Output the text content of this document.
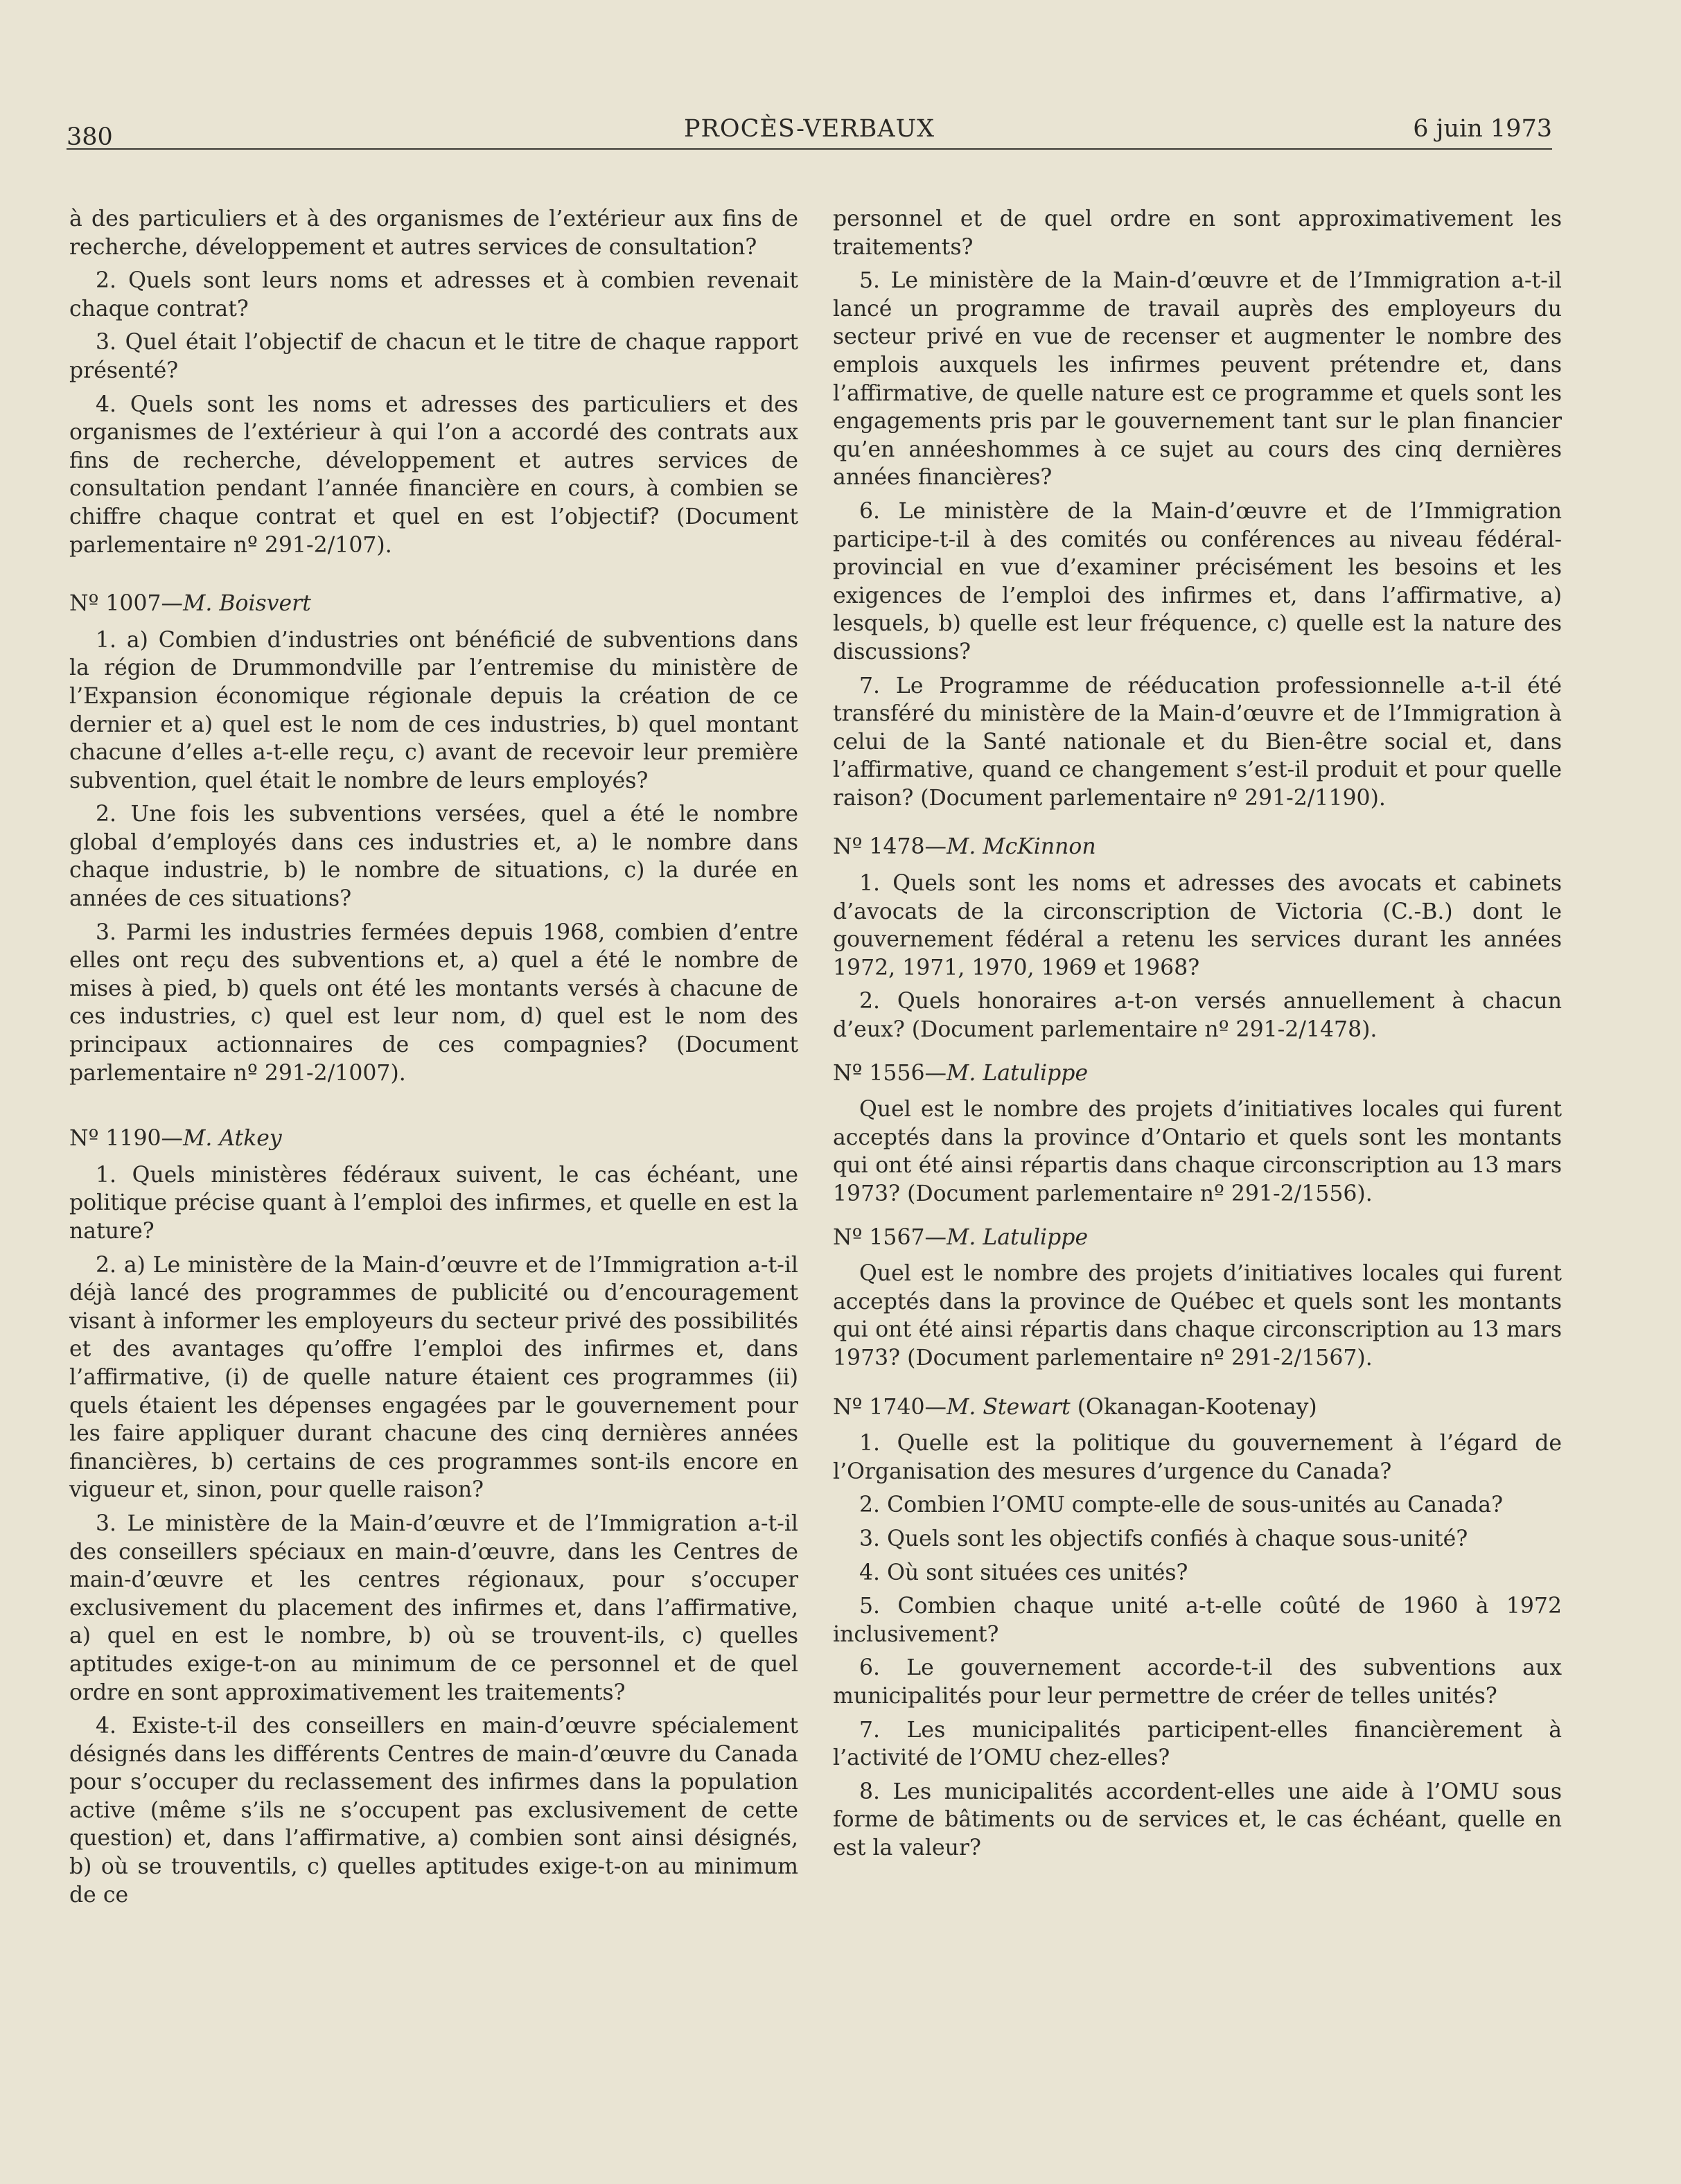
380	PROCÈS-VERBAUX	6 juin 1973

à des particuliers et à des organismes de l’extérieur aux fins de recherche, développement et autres services de consultation?

2. Quels sont leurs noms et adresses et à combien revenait chaque contrat?

3. Quel était l’objectif de chacun et le titre de chaque rapport présenté?

4. Quels sont les noms et adresses des particuliers et des organismes de l’extérieur à qui l’on a accordé des contrats aux fins de recherche, développement et autres services de consultation pendant l’année financière en cours, à combien se chiffre chaque contrat et quel en est l’objectif? (Document parlementaire nº 291-2/107).

Nº 1007—M. Boisvert

1. a) Combien d’industries ont bénéficié de subventions dans la région de Drummondville par l’entremise du ministère de l’Expansion économique régionale depuis la création de ce dernier et a) quel est le nom de ces industries, b) quel montant chacune d’elles a-t-elle reçu, c) avant de recevoir leur première subvention, quel était le nombre de leurs employés?

2. Une fois les subventions versées, quel a été le nombre global d’employés dans ces industries et, a) le nombre dans chaque industrie, b) le nombre de situations, c) la durée en années de ces situations?

3. Parmi les industries fermées depuis 1968, combien d’entre elles ont reçu des subventions et, a) quel a été le nombre de mises à pied, b) quels ont été les montants versés à chacune de ces industries, c) quel est leur nom, d) quel est le nom des principaux actionnaires de ces compagnies? (Document parlementaire nº 291-2/1007).

Nº 1190—M. Atkey

1. Quels ministères fédéraux suivent, le cas échéant, une politique précise quant à l’emploi des infirmes, et quelle en est la nature?

2. a) Le ministère de la Main-d’œuvre et de l’Immigration a-t-il déjà lancé des programmes de publicité ou d’encouragement visant à informer les employeurs du secteur privé des possibilités et des avantages qu’offre l’emploi des infirmes et, dans l’affirmative, (i) de quelle nature étaient ces programmes (ii) quels étaient les dépenses engagées par le gouvernement pour les faire appliquer durant chacune des cinq dernières années financières, b) certains de ces programmes sont-ils encore en vigueur et, sinon, pour quelle raison?

3. Le ministère de la Main-d’œuvre et de l’Immigration a-t-il des conseillers spéciaux en main-d’œuvre, dans les Centres de main-d’œuvre et les centres régionaux, pour s’occuper exclusivement du placement des infirmes et, dans l’affirmative, a) quel en est le nombre, b) où se trouvent-ils, c) quelles aptitudes exige-t-on au minimum de ce personnel et de quel ordre en sont approximativement les traitements?

4. Existe-t-il des conseillers en main-d’œuvre spécialement désignés dans les différents Centres de main-d’œuvre du Canada pour s’occuper du reclassement des infirmes dans la population active (même s’ils ne s’occupent pas exclusivement de cette question) et, dans l’affirmative, a) combien sont ainsi désignés, b) où se trouventils, c) quelles aptitudes exige-t-on au minimum de ce

personnel et de quel ordre en sont approximativement les traitements?

5. Le ministère de la Main-d’œuvre et de l’Immigration a-t-il lancé un programme de travail auprès des employeurs du secteur privé en vue de recenser et augmenter le nombre des emplois auxquels les infirmes peuvent prétendre et, dans l’affirmative, de quelle nature est ce programme et quels sont les engagements pris par le gouvernement tant sur le plan financier qu’en annéeshommes à ce sujet au cours des cinq dernières années financières?

6. Le ministère de la Main-d’œuvre et de l’Immigration participe-t-il à des comités ou conférences au niveau fédéral-provincial en vue d’examiner précisément les besoins et les exigences de l’emploi des infirmes et, dans l’affirmative, a) lesquels, b) quelle est leur fréquence, c) quelle est la nature des discussions?

7. Le Programme de rééducation professionnelle a-t-il été transféré du ministère de la Main-d’œuvre et de l’Immigration à celui de la Santé nationale et du Bien-être social et, dans l’affirmative, quand ce changement s’est-il produit et pour quelle raison? (Document parlementaire nº 291-2/1190).

Nº 1478—M. McKinnon

1. Quels sont les noms et adresses des avocats et cabinets d’avocats de la circonscription de Victoria (C.-B.) dont le gouvernement fédéral a retenu les services durant les années 1972, 1971, 1970, 1969 et 1968?

2. Quels honoraires a-t-on versés annuellement à chacun d’eux? (Document parlementaire nº 291-2/1478).

Nº 1556—M. Latulippe

Quel est le nombre des projets d’initiatives locales qui furent acceptés dans la province d’Ontario et quels sont les montants qui ont été ainsi répartis dans chaque circonscription au 13 mars 1973? (Document parlementaire nº 291-2/1556).

Nº 1567—M. Latulippe

Quel est le nombre des projets d’initiatives locales qui furent acceptés dans la province de Québec et quels sont les montants qui ont été ainsi répartis dans chaque circonscription au 13 mars 1973? (Document parlementaire nº 291-2/1567).

Nº 1740—M. Stewart (Okanagan-Kootenay)

1. Quelle est la politique du gouvernement à l’égard de l’Organisation des mesures d’urgence du Canada?

2. Combien l’OMU compte-elle de sous-unités au Canada?

3. Quels sont les objectifs confiés à chaque sous-unité?

4. Où sont situées ces unités?

5. Combien chaque unité a-t-elle coûté de 1960 à 1972 inclusivement?

6. Le gouvernement accorde-t-il des subventions aux municipalités pour leur permettre de créer de telles unités?

7. Les municipalités participent-elles financièrement à l’activité de l’OMU chez-elles?

8. Les municipalités accordent-elles une aide à l’OMU sous forme de bâtiments ou de services et, le cas échéant, quelle en est la valeur?
